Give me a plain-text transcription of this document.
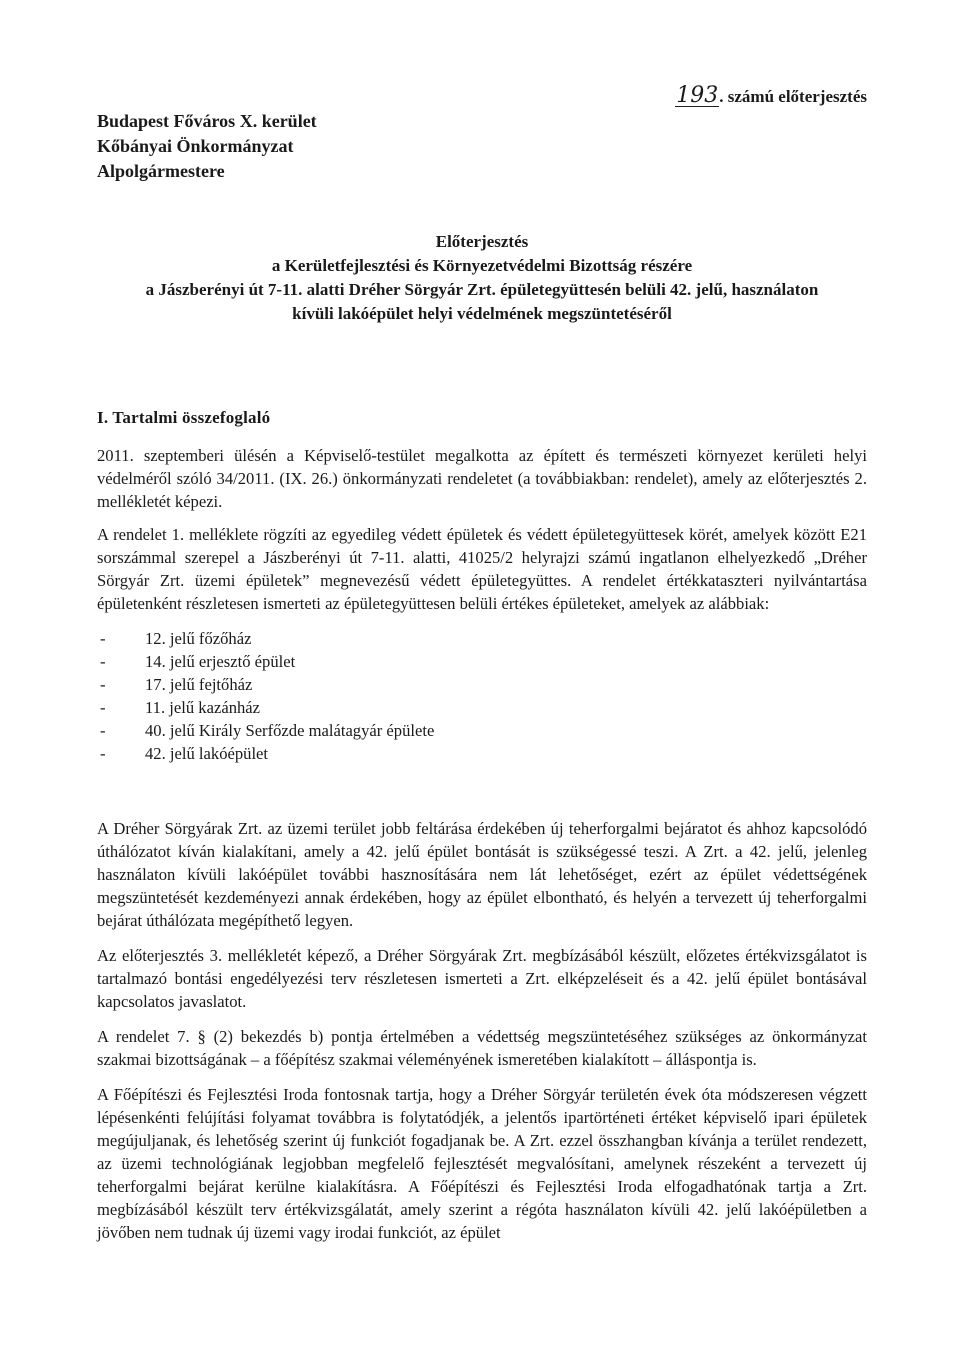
Budapest Főváros X. kerület
Kőbányai Önkormányzat
Alpolgármestere
193. számú előterjesztés
Előterjesztés
a Kerületfejlesztési és Környezetvédelmi Bizottság részére
a Jászberényi út 7-11. alatti Dréher Sörgyár Zrt. épületegyüttesén belüli 42. jelű, használaton
kívüli lakóépület helyi védelmének megszüntetéséről
I. Tartalmi összefoglaló

2011. szeptemberi ülésén a Képviselő-testület megalkotta az épített és természeti környezet kerületi helyi védelméről szóló 34/2011. (IX. 26.) önkormányzati rendeletet (a továbbiakban: rendelet), amely az előterjesztés 2. mellékletét képezi.

A rendelet 1. melléklete rögzíti az egyedileg védett épületek és védett épületegyüttesek körét, amelyek között E21 sorszámmal szerepel a Jászberényi út 7-11. alatti, 41025/2 helyrajzi számú ingatlanon elhelyezkedő „Dréher Sörgyár Zrt. üzemi épületek” megnevezésű védett épületegyüttes. A rendelet értékkataszteri nyilvántartása épületenként részletesen ismerteti az épületegyüttesen belüli értékes épületeket, amelyek az alábbiak:

- 12. jelű főzőház
- 14. jelű erjesztő épület
- 17. jelű fejtőház
- 11. jelű kazánház
- 40. jelű Király Serfőzde malátagyár épülete
- 42. jelű lakóépület

A Dréher Sörgyárak Zrt. az üzemi terület jobb feltárása érdekében új teherforgalmi bejáratot és ahhoz kapcsolódó úthálózatot kíván kialakítani, amely a 42. jelű épület bontását is szükségessé teszi. A Zrt. a 42. jelű, jelenleg használaton kívüli lakóépület további hasznosítására nem lát lehetőséget, ezért az épület védettségének megszüntetését kezdeményezi annak érdekében, hogy az épület elbontható, és helyén a tervezett új teherforgalmi bejárat úthálózata megépíthető legyen.

Az előterjesztés 3. mellékletét képező, a Dréher Sörgyárak Zrt. megbízásából készült, előzetes értékvizsgálatot is tartalmazó bontási engedélyezési terv részletesen ismerteti a Zrt. elképzeléseit és a 42. jelű épület bontásával kapcsolatos javaslatot.

A rendelet 7. § (2) bekezdés b) pontja értelmében a védettség megszüntetéséhez szükséges az önkormányzat szakmai bizottságának – a főépítész szakmai véleményének ismeretében kialakított – álláspontja is.

A Főépítészi és Fejlesztési Iroda fontosnak tartja, hogy a Dréher Sörgyár területén évek óta módszeresen végzett lépésenkénti felújítási folyamat továbbra is folytatódjék, a jelentős ipartörténeti értéket képviselő ipari épületek megújuljanak, és lehetőség szerint új funkciót fogadjanak be. A Zrt. ezzel összhangban kívánja a terület rendezett, az üzemi technológiának legjobban megfelelő fejlesztését megvalósítani, amelynek részeként a tervezett új teherforgalmi bejárat kerülne kialakításra. A Főépítészi és Fejlesztési Iroda elfogadhatónak tartja a Zrt. megbízásából készült terv értékvizsgálatát, amely szerint a régóta használaton kívüli 42. jelű lakóépületben a jövőben nem tudnak új üzemi vagy irodai funkciót, az épület
